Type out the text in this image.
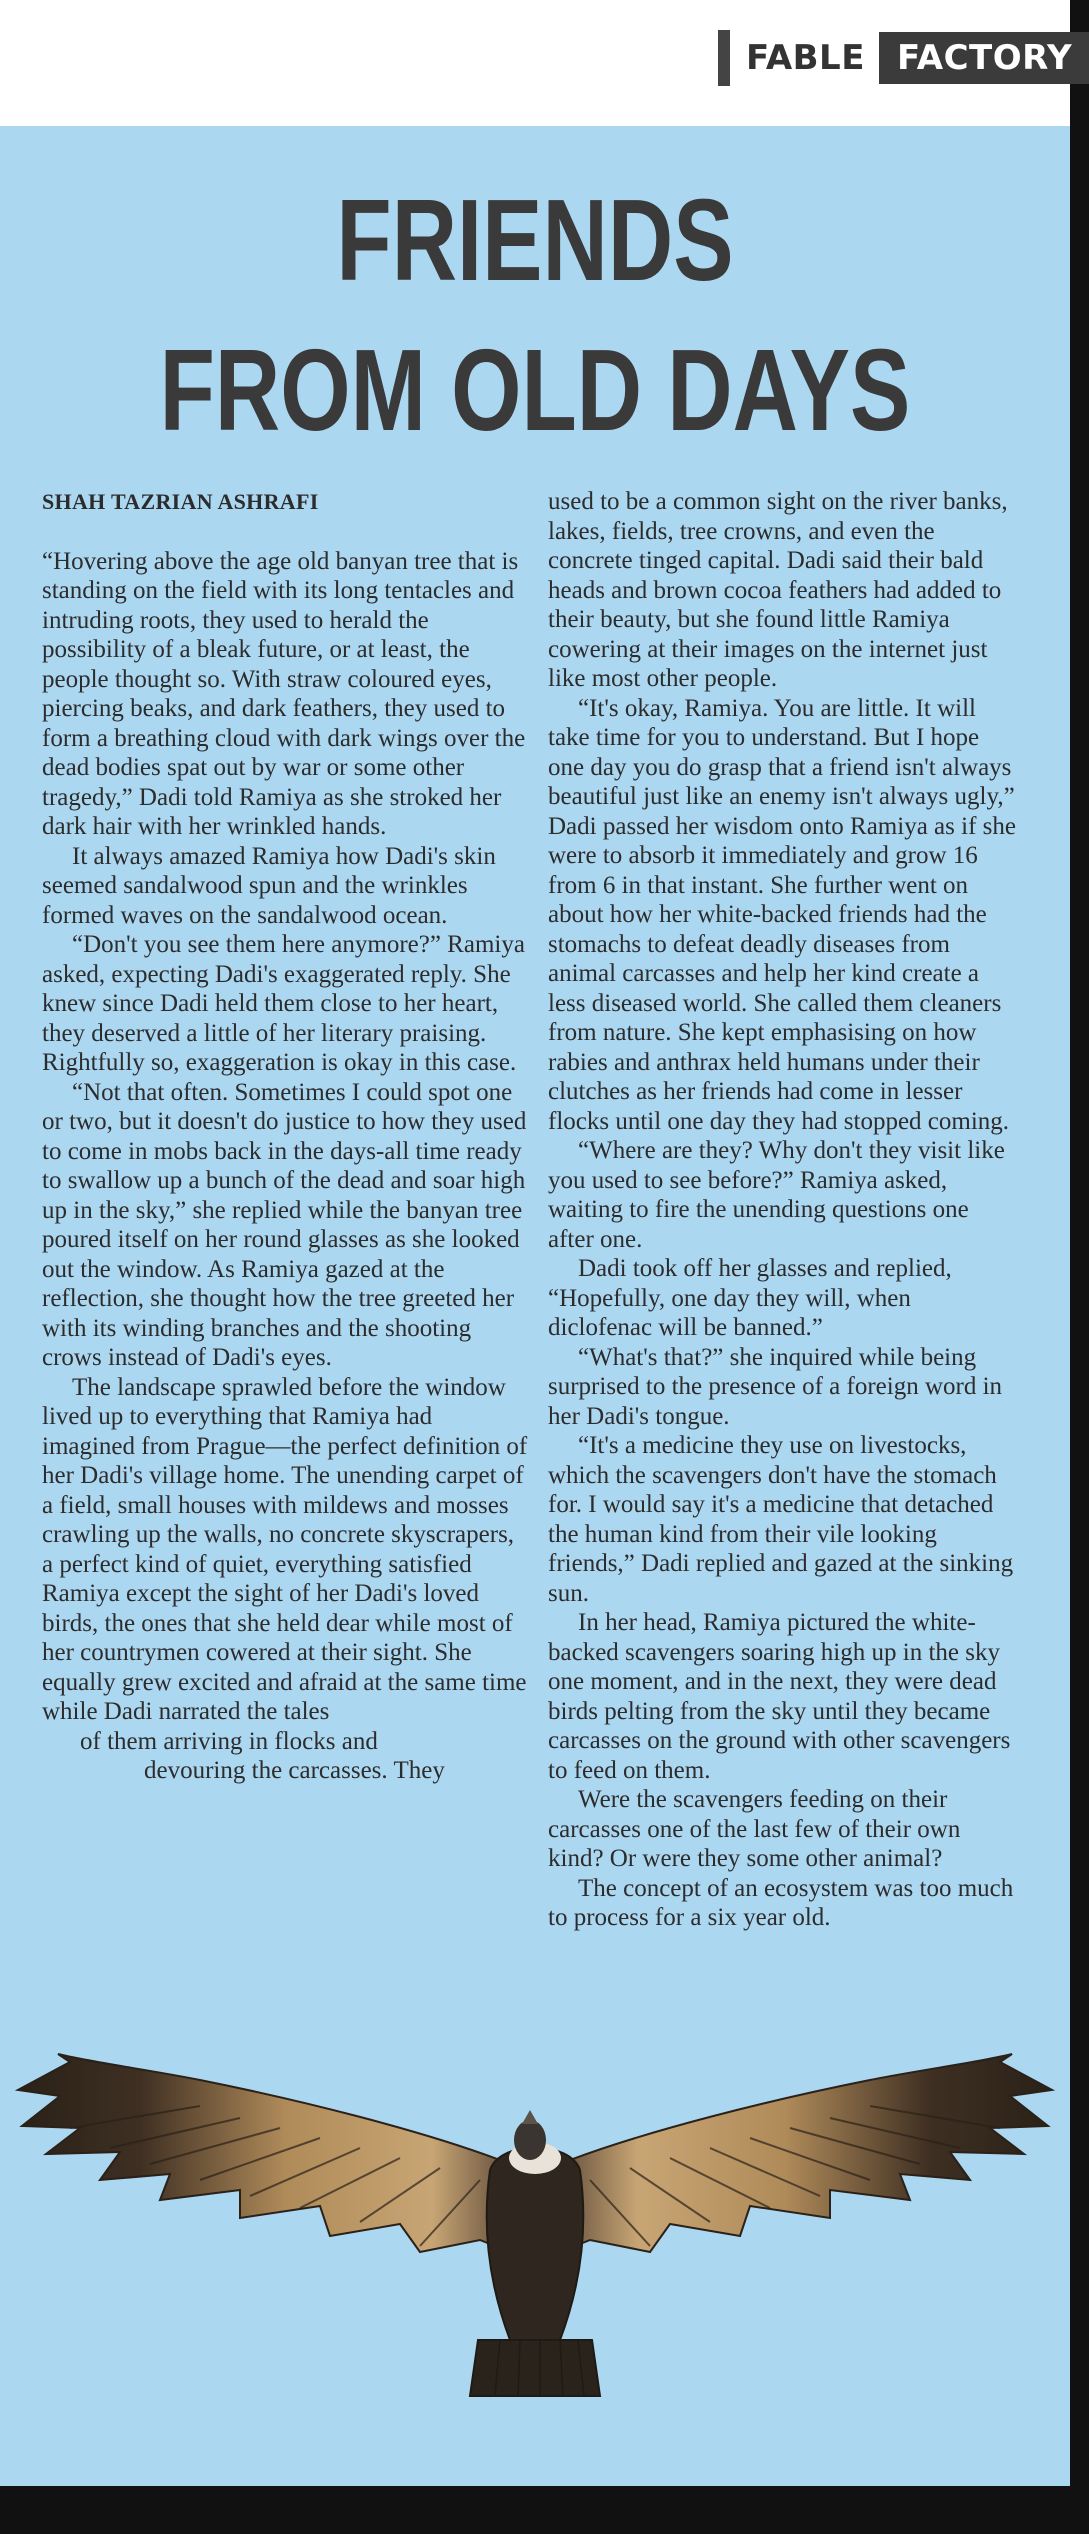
FABLE FACTORY
FRIENDS
FROM OLD DAYS
SHAH TAZRIAN ASHRAFI

“Hovering above the age old banyan tree that is standing on the field with its long tentacles and intruding roots, they used to herald the possibility of a bleak future, or at least, the people thought so. With straw coloured eyes, piercing beaks, and dark feathers, they used to form a breathing cloud with dark wings over the dead bodies spat out by war or some other tragedy,” Dadi told Ramiya as she stroked her dark hair with her wrinkled hands.

It always amazed Ramiya how Dadi's skin seemed sandalwood spun and the wrinkles formed waves on the sandalwood ocean.

“Don't you see them here anymore?” Ramiya asked, expecting Dadi's exaggerated reply. She knew since Dadi held them close to her heart, they deserved a little of her literary praising. Rightfully so, exaggeration is okay in this case.

“Not that often. Sometimes I could spot one or two, but it doesn't do justice to how they used to come in mobs back in the days-all time ready to swallow up a bunch of the dead and soar high up in the sky,” she replied while the banyan tree poured itself on her round glasses as she looked out the window. As Ramiya gazed at the reflection, she thought how the tree greeted her with its winding branches and the shooting crows instead of Dadi's eyes.

The landscape sprawled before the window lived up to everything that Ramiya had imagined from Prague—the perfect definition of her Dadi's village home. The unending carpet of a field, small houses with mildews and mosses crawling up the walls, no concrete skyscrapers, a perfect kind of quiet, everything satisfied Ramiya except the sight of her Dadi's loved birds, the ones that she held dear while most of her countrymen cowered at their sight. She equally grew excited and afraid at the same time while Dadi narrated the tales

of them arriving in flocks and

devouring the carcasses. They

used to be a common sight on the river banks, lakes, fields, tree crowns, and even the concrete tinged capital. Dadi said their bald heads and brown cocoa feathers had added to their beauty, but she found little Ramiya cowering at their images on the internet just like most other people.

“It's okay, Ramiya. You are little. It will take time for you to understand. But I hope one day you do grasp that a friend isn't always beautiful just like an enemy isn't always ugly,” Dadi passed her wisdom onto Ramiya as if she were to absorb it immediately and grow 16 from 6 in that instant. She further went on about how her white-backed friends had the stomachs to defeat deadly diseases from animal carcasses and help her kind create a less diseased world. She called them cleaners from nature. She kept emphasising on how rabies and anthrax held humans under their clutches as her friends had come in lesser flocks until one day they had stopped coming.

“Where are they? Why don't they visit like you used to see before?” Ramiya asked, waiting to fire the unending questions one after one.

Dadi took off her glasses and replied, “Hopefully, one day they will, when diclofenac will be banned.”

“What's that?” she inquired while being surprised to the presence of a foreign word in her Dadi's tongue.

“It's a medicine they use on livestocks, which the scavengers don't have the stomach for. I would say it's a medicine that detached the human kind from their vile looking friends,” Dadi replied and gazed at the sinking sun.

In her head, Ramiya pictured the white-backed scavengers soaring high up in the sky one moment, and in the next, they were dead birds pelting from the sky until they became carcasses on the ground with other scavengers to feed on them.

Were the scavengers feeding on their carcasses one of the last few of their own kind? Or were they some other animal?

The concept of an ecosystem was too much to process for a six year old.
